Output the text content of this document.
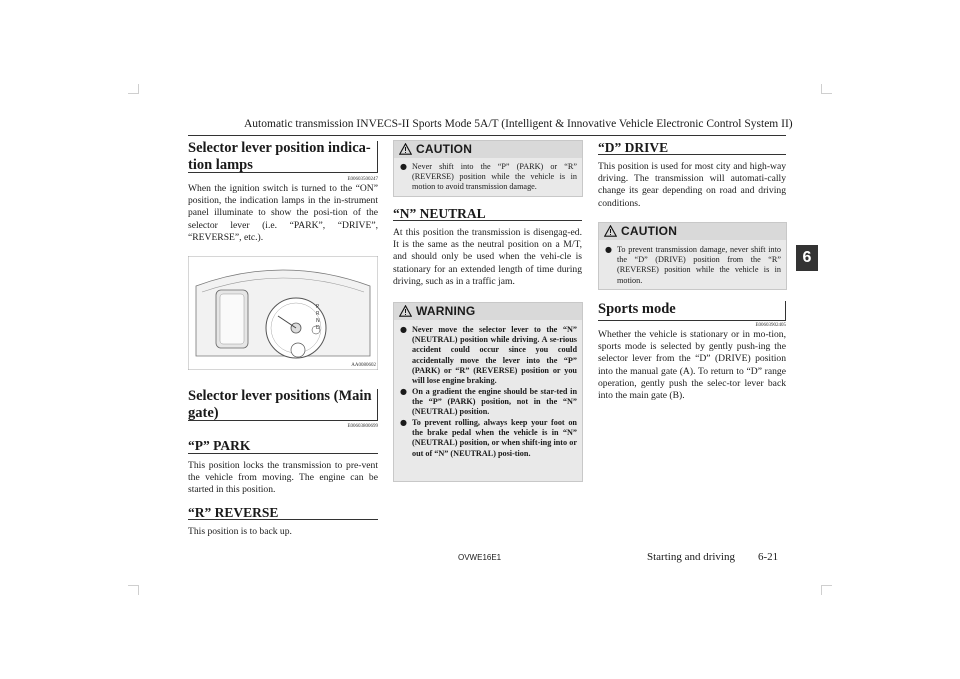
Automatic transmission INVECS-II Sports Mode 5A/T (Intelligent & Innovative Vehicle Electronic Control System II)
Selector lever position indica-
tion lamps
E00603500247
When the ignition switch is turned to the “ON” position, the indication lamps in the in-strument panel illuminate to show the posi-tion of the selector lever (i.e. “PARK”, “DRIVE”, “REVERSE”, etc.).
P
R
N
D
AA0080602
Selector lever positions (Main gate)
E00603800699
“P” PARK
This position locks the transmission to pre-vent the vehicle from moving. The engine can be started in this position.
“R” REVERSE
This position is to back up.
CAUTION
● Never shift into the “P” (PARK) or “R” (REVERSE) position while the vehicle is in motion to avoid transmission damage.
“N” NEUTRAL
At this position the transmission is disengag-ed. It is the same as the neutral position on a M/T, and should only be used when the vehi-cle is stationary for an extended length of time during driving, such as in a traffic jam.
WARNING
● Never move the selector lever to the “N” (NEUTRAL) position while driving. A se-rious accident could occur since you could accidentally move the lever into the “P” (PARK) or “R” (REVERSE) position or you will lose engine braking.
● On a gradient the engine should be star-ted in the “P” (PARK) position, not in the “N” (NEUTRAL) position.
● To prevent rolling, always keep your foot on the brake pedal when the vehicle is in “N” (NEUTRAL) position, or when shift-ing into or out of “N” (NEUTRAL) posi-tion.
“D” DRIVE
This position is used for most city and high-way driving. The transmission will automati-cally change its gear depending on road and driving conditions.
CAUTION
● To prevent transmission damage, never shift into the “D” (DRIVE) position from the “R” (REVERSE) position while the vehicle is in motion.
Sports mode
E00603902405
Whether the vehicle is stationary or in mo-tion, sports mode is selected by gently push-ing the selector lever from the “D” (DRIVE) position into the manual gate (A). To return to “D” range operation, gently push the selec-tor lever back into the main gate (B).
6
OVWE16E1	Starting and driving 6-21
